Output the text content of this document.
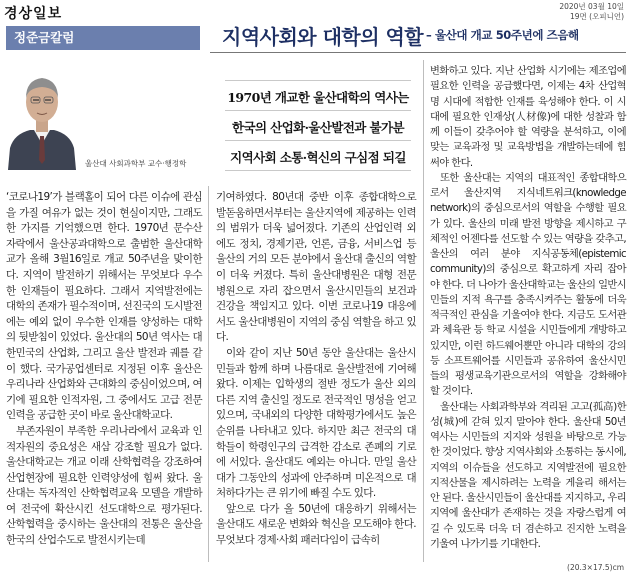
경상일보	2020년 03월 10일
19면 (오피니언)
정준금칼럼	지역사회와 대학의 역할 – 울산대 개교 50주년에 즈음해
울산대 사회과학부 교수·행정학
1970년 개교한 울산대학의 역사는
한국의 산업화·울산발전과 불가분
지역사회 소통·혁신의 구심점 되길

‘코로나19’가 블랙홀이 되어 다른 이슈에 관심을 가질 여유가 없는 것이 현실이지만, 그래도 한 가지를 기억했으면 한다. 1970년 문수산 자락에서 울산공과대학으로 출범한 울산대학교가 올해 3월16일로 개교 50주년을 맞이한다. 지역이 발전하기 위해서는 무엇보다 우수한 인재들이 필요하다. 그래서 지역발전에는 대학의 존재가 필수적이며, 선진국의 도시발전에는 예외 없이 우수한 인재를 양성하는 대학의 뒷받침이 있었다. 울산대의 50년 역사는 대한민국의 산업화, 그리고 울산 발전과 궤를 같이 했다. 국가공업센터로 지정된 이후 울산은 우리나라 산업화와 근대화의 중심이었으며, 여기에 필요한 인적자원, 그 중에서도 고급 전문인력을 공급한 곳이 바로 울산대학교다.

부존자원이 부족한 우리나라에서 교육과 인적자원의 중요성은 새삼 강조할 필요가 없다. 울산대학교는 개교 이래 산학협력을 강조하여 산업현장에 필요한 인력양성에 힘써 왔다. 울산대는 독자적인 산학협력교육 모델을 개발하여 전국에 확산시킨 선도대학으로 평가된다. 산학협력을 중시하는 울산대의 전통은 울산을 한국의 산업수도로 발전시키는데

기여하였다. 80년대 중반 이후 종합대학으로 발돋움하면서부터는 울산지역에 제공하는 인력의 범위가 더욱 넓어졌다. 기존의 산업인력 외에도 정치, 경제기관, 언론, 금융, 서비스업 등 울산의 거의 모든 분야에서 울산대 출신의 역할이 더욱 커졌다. 특히 울산대병원은 대형 전문병원으로 자리 잡으면서 울산시민들의 보건과 건강을 책임지고 있다. 이번 코로나19 대응에서도 울산대병원이 지역의 중심 역할을 하고 있다.

이와 같이 지난 50년 동안 울산대는 울산시민들과 함께 하며 나름대로 울산발전에 기여해 왔다. 이제는 입학생의 절반 정도가 울산 외의 다른 지역 출신일 정도로 전국적인 명성을 얻고 있으며, 국내외의 다양한 대학평가에서도 높은 순위를 나타내고 있다. 하지만 최근 전국의 대학들이 학령인구의 급격한 감소로 존폐의 기로에 서있다. 울산대도 예외는 아니다. 만일 울산대가 그동안의 성과에 안주하며 미온적으로 대처하다가는 큰 위기에 빠질 수도 있다.

앞으로 다가 올 50년에 대응하기 위해서는 울산대도 새로운 변화와 혁신을 모도해야 한다. 무엇보다 경제·사회 패러다임이 급속히

변화하고 있다. 지난 산업화 시기에는 제조업에 필요한 인력을 공급했다면, 이제는 4차 산업혁명 시대에 적합한 인재를 육성해야 한다. 이 시대에 필요한 인재상(人材像)에 대한 성찰과 함께 이들이 갖추어야 할 역량을 분석하고, 이에 맞는 교육과정 및 교육방법을 개발하는데에 힘써야 한다.

또한 울산대는 지역의 대표적인 종합대학으로서 울산지역 지식네트워크(knowledge network)의 중심으로서의 역할을 수행할 필요가 있다. 울산의 미래 발전 방향을 제시하고 구체적인 어젠다를 선도할 수 있는 역량을 갖추고, 울산의 여러 분야 지식공동체(epistemic community)의 중심으로 확고하게 자리 잡아야 한다. 더 나아가 울산대학교는 울산의 일반시민들의 지적 욕구를 충족시켜주는 활동에 더욱 적극적인 관심을 기울여야 한다. 지금도 도서관과 체육관 등 학교 시설을 시민들에게 개방하고 있지만, 이런 하드웨어뿐만 아니라 대학의 강의 등 소프트웨어를 시민들과 공유하여 울산시민들의 평생교육기관으로서의 역할을 강화해야 할 것이다.

울산대는 사회과학부와 격리된 고고(孤高)한 성(城)에 갇혀 있지 말아야 한다. 울산대 50년 역사는 시민들의 지지와 성원을 바탕으로 가능한 것이었다. 향상 지역사회와 소통하는 동시에, 지역의 이슈들을 선도하고 지역발전에 필요한 지적산물을 제시하려는 노력을 게을리 해서는 안 된다. 울산시민들이 울산대를 지지하고, 우리 지역에 울산대가 존재하는 것을 자랑스럽게 여길 수 있도록 더욱 더 겸손하고 진지한 노력을 기울여 나가기를 기대한다.

(20.3×17.5)cm
